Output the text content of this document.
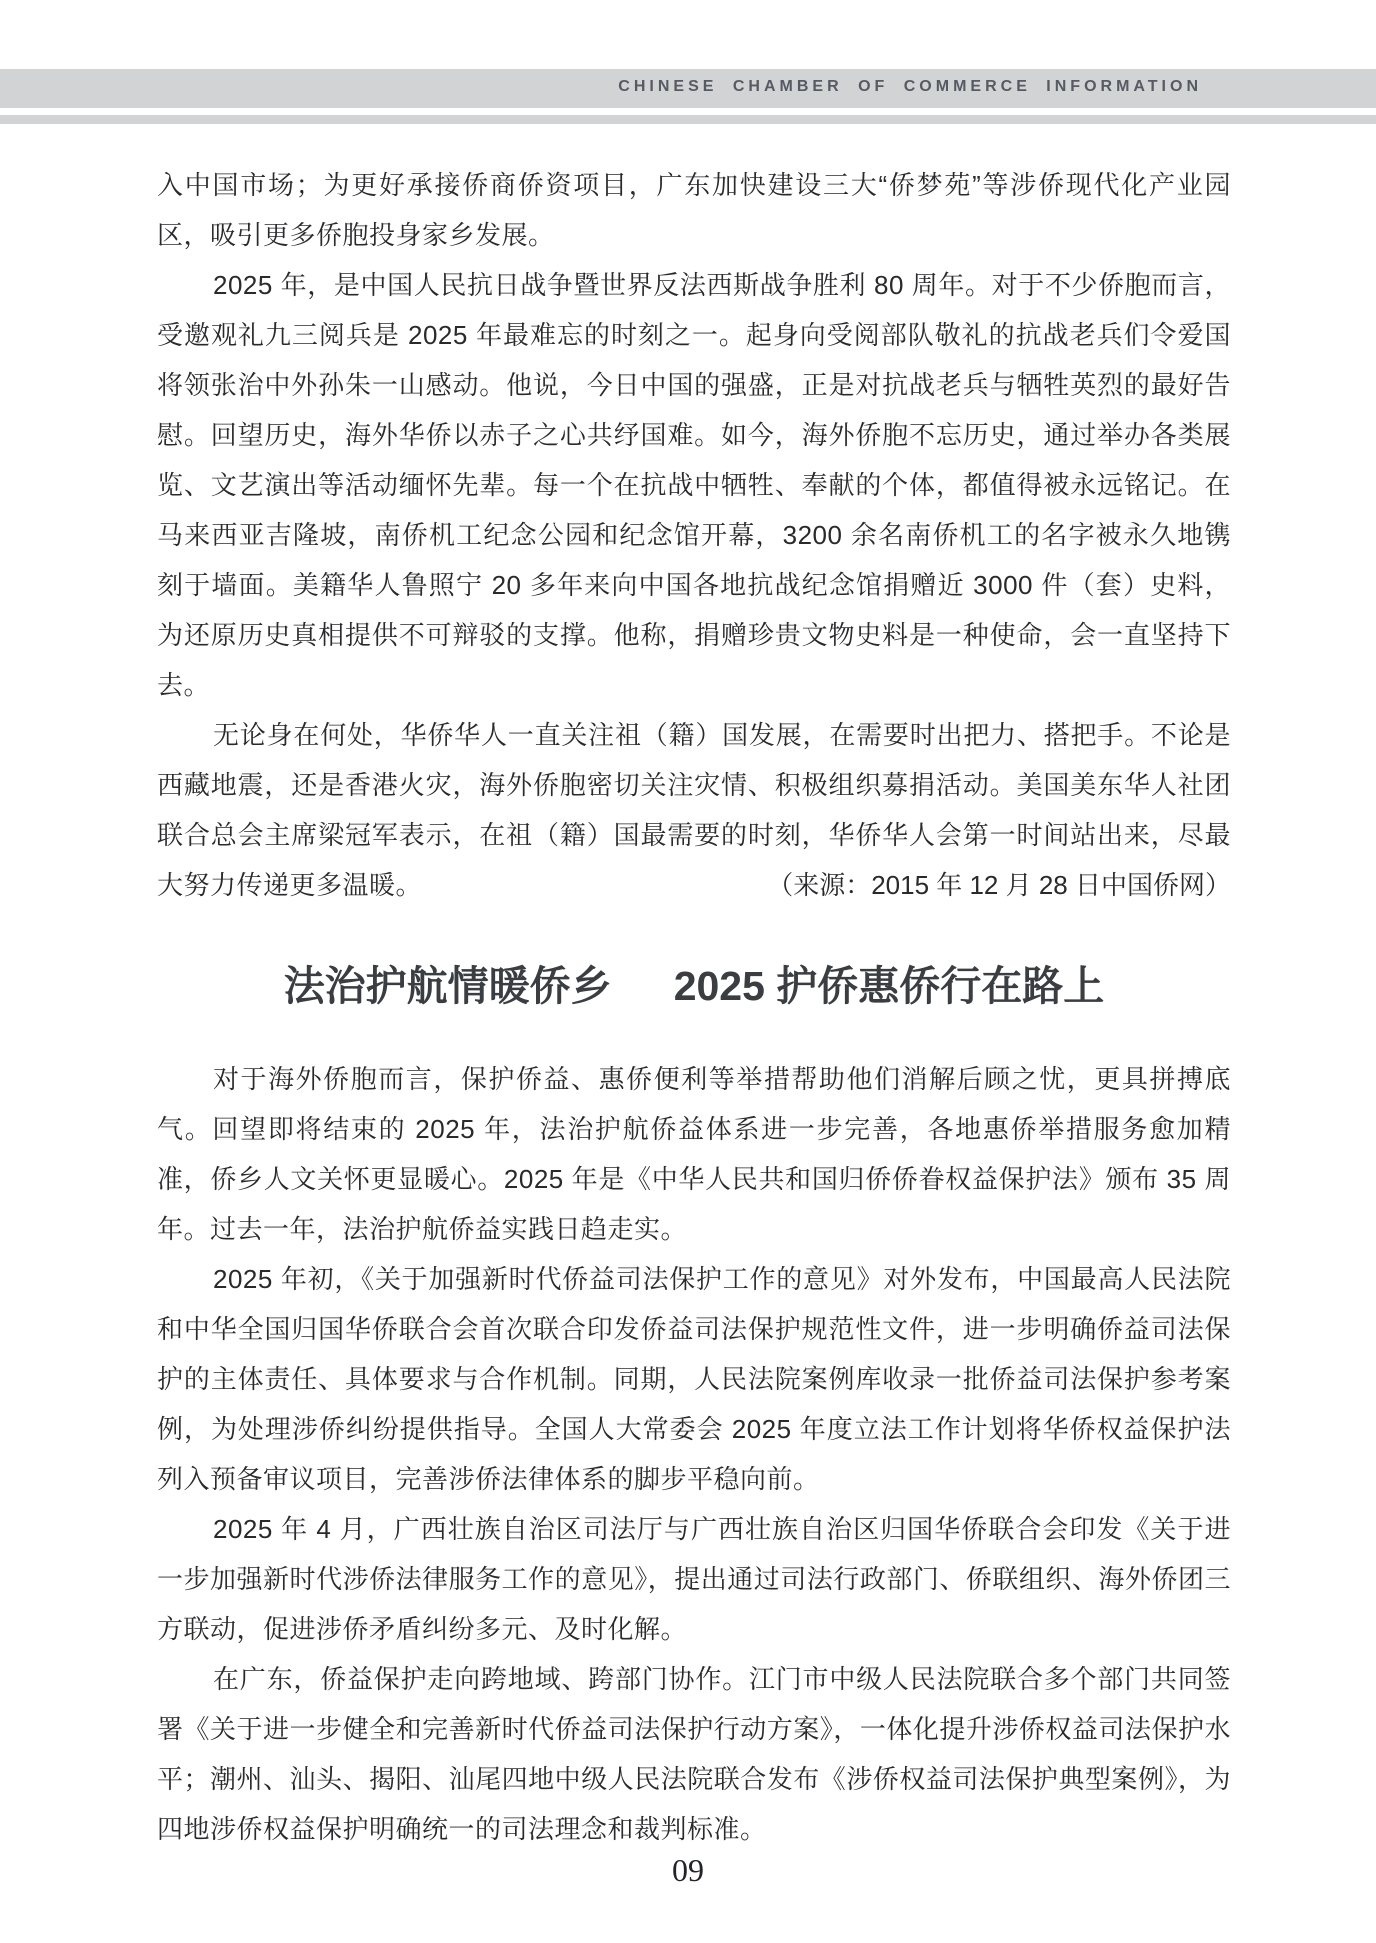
CHINESE CHAMBER OF COMMERCE INFORMATION

入中国市场；为更好承接侨商侨资项目，广东加快建设三大“侨梦苑”等涉侨现代化产业园区，吸引更多侨胞投身家乡发展。

2025 年，是中国人民抗日战争暨世界反法西斯战争胜利 80 周年。对于不少侨胞而言，受邀观礼九三阅兵是 2025 年最难忘的时刻之一。起身向受阅部队敬礼的抗战老兵们令爱国将领张治中外孙朱一山感动。他说，今日中国的强盛，正是对抗战老兵与牺牲英烈的最好告慰。回望历史，海外华侨以赤子之心共纾国难。如今，海外侨胞不忘历史，通过举办各类展览、文艺演出等活动缅怀先辈。每一个在抗战中牺牲、奉献的个体，都值得被永远铭记。在马来西亚吉隆坡，南侨机工纪念公园和纪念馆开幕，3200 余名南侨机工的名字被永久地镌刻于墙面。美籍华人鲁照宁 20 多年来向中国各地抗战纪念馆捐赠近 3000 件（套）史料，为还原历史真相提供不可辩驳的支撑。他称，捐赠珍贵文物史料是一种使命，会一直坚持下去。

无论身在何处，华侨华人一直关注祖（籍）国发展，在需要时出把力、搭把手。不论是西藏地震，还是香港火灾，海外侨胞密切关注灾情、积极组织募捐活动。美国美东华人社团联合总会主席梁冠军表示，在祖（籍）国最需要的时刻，华侨华人会第一时间站出来，尽最大努力传递更多温暖。	（来源：2015 年 12 月 28 日中国侨网）
法治护航情暖侨乡 2025 护侨惠侨行在路上

对于海外侨胞而言，保护侨益、惠侨便利等举措帮助他们消解后顾之忧，更具拼搏底气。回望即将结束的 2025 年，法治护航侨益体系进一步完善，各地惠侨举措服务愈加精准，侨乡人文关怀更显暖心。2025 年是《中华人民共和国归侨侨眷权益保护法》颁布 35 周年。过去一年，法治护航侨益实践日趋走实。

2025 年初，《关于加强新时代侨益司法保护工作的意见》对外发布，中国最高人民法院和中华全国归国华侨联合会首次联合印发侨益司法保护规范性文件，进一步明确侨益司法保护的主体责任、具体要求与合作机制。同期，人民法院案例库收录一批侨益司法保护参考案例，为处理涉侨纠纷提供指导。全国人大常委会 2025 年度立法工作计划将华侨权益保护法列入预备审议项目，完善涉侨法律体系的脚步平稳向前。

2025 年 4 月，广西壮族自治区司法厅与广西壮族自治区归国华侨联合会印发《关于进一步加强新时代涉侨法律服务工作的意见》，提出通过司法行政部门、侨联组织、海外侨团三方联动，促进涉侨矛盾纠纷多元、及时化解。

在广东，侨益保护走向跨地域、跨部门协作。江门市中级人民法院联合多个部门共同签署《关于进一步健全和完善新时代侨益司法保护行动方案》，一体化提升涉侨权益司法保护水平；潮州、汕头、揭阳、汕尾四地中级人民法院联合发布《涉侨权益司法保护典型案例》，为四地涉侨权益保护明确统一的司法理念和裁判标准。

09
